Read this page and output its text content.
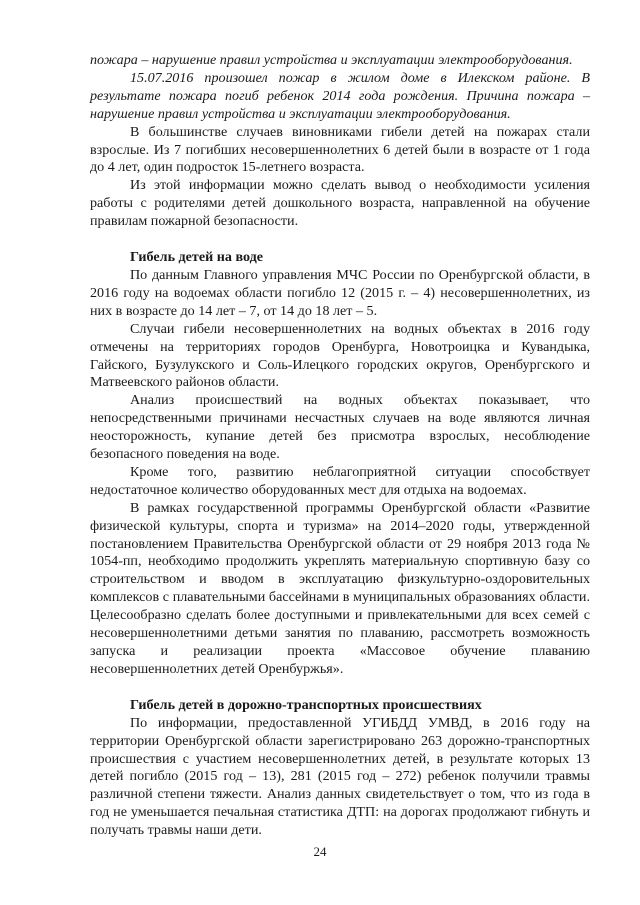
пожара – нарушение правил устройства и эксплуатации электрооборудования.

15.07.2016 произошел пожар в жилом доме в Илекском районе. В результате пожара погиб ребенок 2014 года рождения. Причина пожара – нарушение правил устройства и эксплуатации электрооборудования.

В большинстве случаев виновниками гибели детей на пожарах стали взрослые. Из 7 погибших несовершеннолетних 6 детей были в возрасте от 1 года до 4 лет, один подросток 15-летнего возраста.

Из этой информации можно сделать вывод о необходимости усиления работы с родителями детей дошкольного возраста, направленной на обучение правилам пожарной безопасности.

Гибель детей на воде

По данным Главного управления МЧС России по Оренбургской области, в 2016 году на водоемах области погибло 12 (2015 г. – 4) несовершеннолетних, из них в возрасте до 14 лет – 7, от 14 до 18 лет – 5.

Случаи гибели несовершеннолетних на водных объектах в 2016 году отмечены на территориях городов Оренбурга, Новотроицка и Кувандыка, Гайского, Бузулукского и Соль-Илецкого городских округов, Оренбургского и Матвеевского районов области.

Анализ происшествий на водных объектах показывает, что непосредственными причинами несчастных случаев на воде являются личная неосторожность, купание детей без присмотра взрослых, несоблюдение безопасного поведения на воде.

Кроме того, развитию неблагоприятной ситуации способствует недостаточное количество оборудованных мест для отдыха на водоемах.

В рамках государственной программы Оренбургской области «Развитие физической культуры, спорта и туризма» на 2014–2020 годы, утвержденной постановлением Правительства Оренбургской области от 29 ноября 2013 года № 1054-пп, необходимо продолжить укреплять материальную спортивную базу со строительством и вводом в эксплуатацию физкультурно-оздоровительных комплексов с плавательными бассейнами в муниципальных образованиях области. Целесообразно сделать более доступными и привлекательными для всех семей с несовершеннолетними детьми занятия по плаванию, рассмотреть возможность запуска и реализации проекта «Массовое обучение плаванию несовершеннолетних детей Оренбуржья».

Гибель детей в дорожно-транспортных происшествиях

По информации, предоставленной УГИБДД УМВД, в 2016 году на территории Оренбургской области зарегистрировано 263 дорожно-транспортных происшествия с участием несовершеннолетних детей, в результате которых 13 детей погибло (2015 год – 13), 281 (2015 год – 272) ребенок получили травмы различной степени тяжести. Анализ данных свидетельствует о том, что из года в год не уменьшается печальная статистика ДТП: на дорогах продолжают гибнуть и получать травмы наши дети.

24
